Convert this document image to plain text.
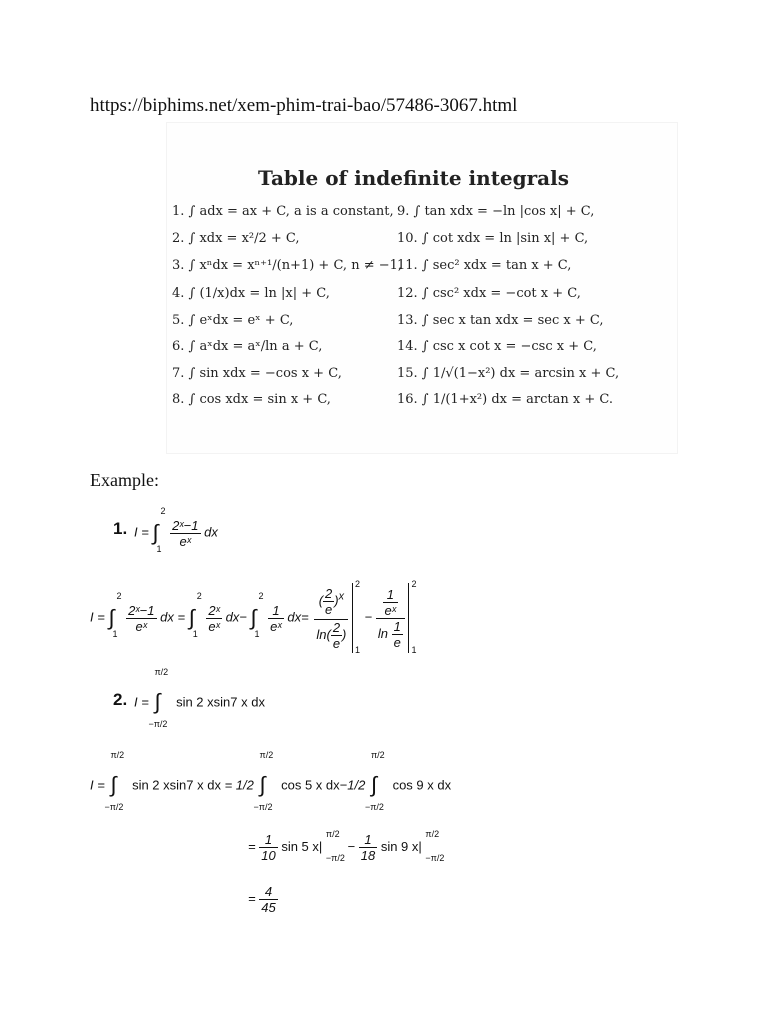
https://biphims.net/xem-phim-trai-bao/57486-3067.html
Table of indefinite integrals
1. ∫ adx = ax + C, a is a constant,
2. ∫ xdx = x²/2 + C,
3. ∫ xⁿdx = xⁿ⁺¹/(n+1) + C, n ≠ −1,
4. ∫ (1/x)dx = ln |x| + C,
5. ∫ eˣdx = eˣ + C,
6. ∫ aˣdx = aˣ/ln a + C,
7. ∫ sin xdx = −cos x + C,
8. ∫ cos xdx = sin x + C,
9. ∫ tan xdx = −ln |cos x| + C,
10. ∫ cot xdx = ln |sin x| + C,
11. ∫ sec² xdx = tan x + C,
12. ∫ csc² xdx = −cot x + C,
13. ∫ sec x tan xdx = sec x + C,
14. ∫ csc x cot x = −csc x + C,
15. ∫ 1/√(1−x²) dx = arcsin x + C,
16. ∫ 1/(1+x²) dx = arctan x + C.
Example:
1. I = ∫
2
1

$\frac{\text{2ˣ−1}}{\text{eˣ}}$ dx
I = ∫
2
1

$\frac{\text{2ˣ−1}}{\text{eˣ}}$ dx = ∫
2
1

$\frac{\text{2ˣ}}{\text{eˣ}} dx-$ ∫
2
1

$\frac{1}{\text{eˣ}} dx= \frac{( \frac{2}{e} )^x}{\ln( \frac{2}{e} )}$

2
1
− $\frac{\frac{1}{\text{eˣ}}}{\ln \frac{1}{e}}$

2
1
2. I = ∫
π/2
−π/2
sin 2 xsin7 x dx
I = ∫
π/2
−π/2
sin 2 xsin7 x dx = 1/2 ∫
π/2
−π/2
cos 5 x dx−1/2 ∫
π/2
−π/2
cos 9 x dx
= $\frac{1}{10}$ sin 5 x|
π/2
−π/2
− $\frac{1}{18}$ sin 9 x|
π/2
−π/2
= $\frac{4}{45}$
